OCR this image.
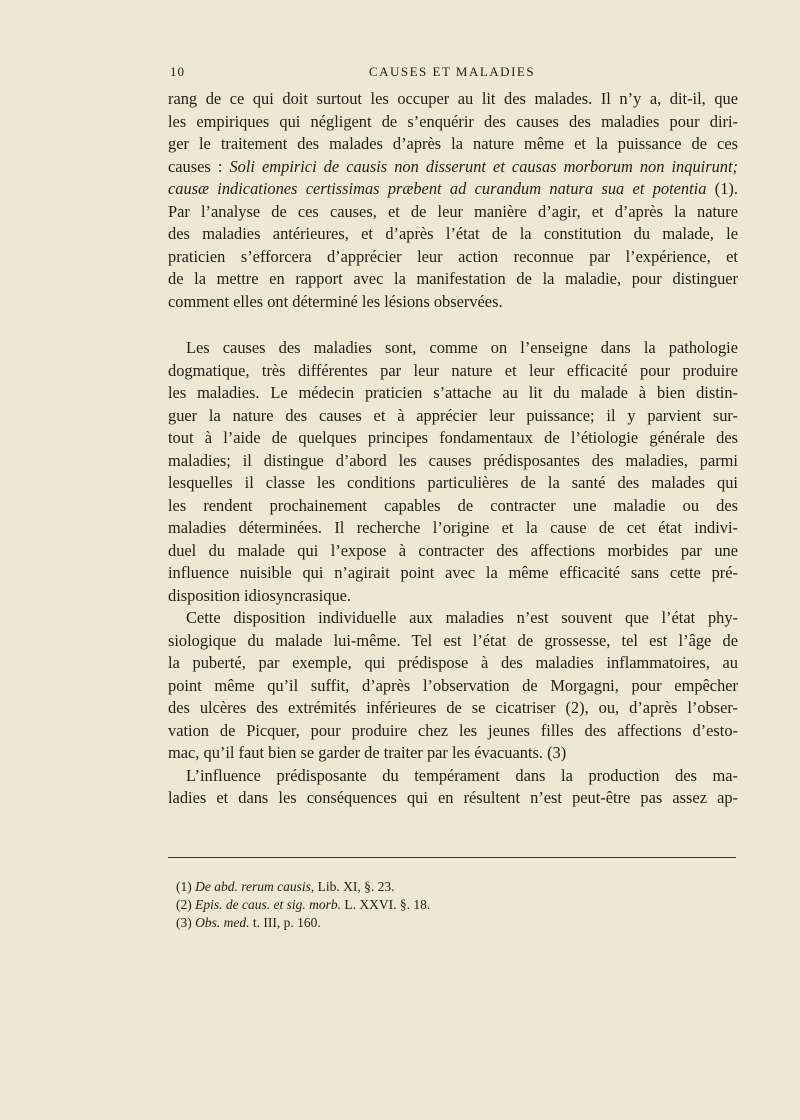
10	CAUSES ET MALADIES
rang de ce qui doit surtout les occuper au lit des malades. Il n’y a, dit-il, que
les empiriques qui négligent de s’enquérir des causes des maladies pour diri-
ger le traitement des malades d’après la nature même et la puissance de ces
causes : Soli empirici de causis non disserunt et causas morborum non inquirunt;
causæ indicationes certissimas præbent ad curandum natura sua et potentia (1).
Par l’analyse de ces causes, et de leur manière d’agir, et d’après la nature
des maladies antérieures, et d’après l’état de la constitution du malade, le
praticien s’efforcera d’apprécier leur action reconnue par l’expérience, et
de la mettre en rapport avec la manifestation de la maladie, pour distinguer
comment elles ont déterminé les lésions observées.
Les causes des maladies sont, comme on l’enseigne dans la pathologie
dogmatique, très différentes par leur nature et leur efficacité pour produire
les maladies. Le médecin praticien s’attache au lit du malade à bien distin-
guer la nature des causes et à apprécier leur puissance; il y parvient sur-
tout à l’aide de quelques principes fondamentaux de l’étiologie générale des
maladies; il distingue d’abord les causes prédisposantes des maladies, parmi
lesquelles il classe les conditions particulières de la santé des malades qui
les rendent prochainement capables de contracter une maladie ou des
maladies déterminées. Il recherche l’origine et la cause de cet état indivi-
duel du malade qui l’expose à contracter des affections morbides par une
influence nuisible qui n’agirait point avec la même efficacité sans cette pré-
disposition idiosyncrasique.
Cette disposition individuelle aux maladies n’est souvent que l’état phy-
siologique du malade lui-même. Tel est l’état de grossesse, tel est l’âge de
la puberté, par exemple, qui prédispose à des maladies inflammatoires, au
point même qu’il suffit, d’après l’observation de Morgagni, pour empêcher
des ulcères des extrémités inférieures de se cicatriser (2), ou, d’après l’obser-
vation de Picquer, pour produire chez les jeunes filles des affections d’esto-
mac, qu’il faut bien se garder de traiter par les évacuants. (3)
L’influence prédisposante du tempérament dans la production des ma-
ladies et dans les conséquences qui en résultent n’est peut-être pas assez ap-
(1) De abd. rerum causis, Lib. XI, §. 23.
(2) Epis. de caus. et sig. morb. L. XXVI. §. 18.
(3) Obs. med. t. III, p. 160.
